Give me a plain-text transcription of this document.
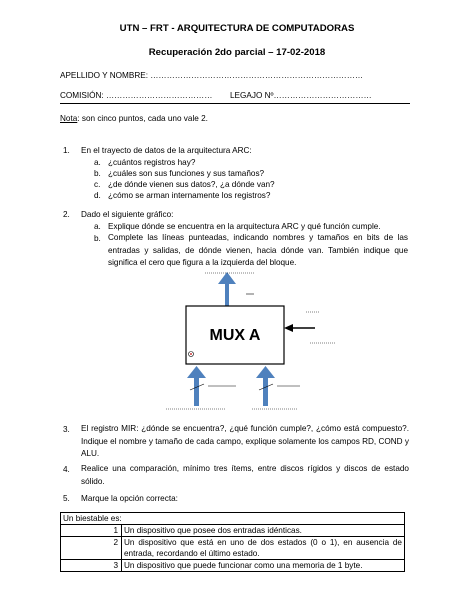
UTN – FRT - ARQUITECTURA DE COMPUTADORAS
Recuperación 2do parcial – 17-02-2018
APELLIDO Y NOMBRE: ……………………………………………………………………
COMISIÓN: ………………………………… LEGAJO Nº………………………………
Nota: son cinco puntos, cada uno vale 2.
1. En el trayecto de datos de la arquitectura ARC:
a. ¿cuántos registros hay?
b. ¿cuáles son sus funciones y sus tamaños?
c. ¿de dónde vienen sus datos?, ¿a dónde van?
d. ¿cómo se arman internamente los registros?
2. Dado el siguiente gráfico:
a. Explique dónde se encuentra en la arquitectura ARC y qué función cumple.
b. Complete las líneas punteadas, indicando nombres y tamaños en bits de las entradas y salidas, de dónde vienen, hacia dónde van. También indique que significa el cero que figura a la izquierda del bloque.
MUX A
3. El registro MIR: ¿dónde se encuentra?, ¿qué función cumple?, ¿cómo está compuesto?. Indique el nombre y tamaño de cada campo, explique solamente los campos RD, COND y ALU.
4. Realice una comparación, mínimo tres ítems, entre discos rígidos y discos de estado sólido.
5. Marque la opción correcta:
Un biestable es:	
1	Un dispositivo que posee dos entradas idénticas.
2	Un dispositivo que está en uno de dos estados (0 o 1), en ausencia de entrada, recordando el último estado.
3	Un dispositivo que puede funcionar como una memoria de 1 byte.
